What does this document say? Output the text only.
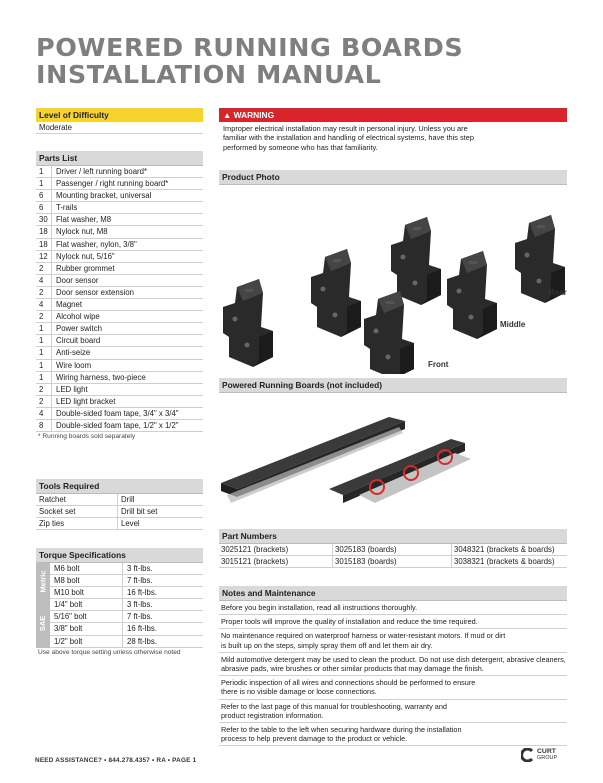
POWERED RUNNING BOARDS
INSTALLATION MANUAL
Level of Difficulty
Moderate
Parts List
1	Driver / left running board*
1	Passenger / right running board*
6	Mounting bracket, universal
6	T-rails
30	Flat washer, M8
18	Nylock nut, M8
18	Flat washer, nylon, 3/8"
12	Nylock nut, 5/16"
2	Rubber grommet
4	Door sensor
2	Door sensor extension
4	Magnet
2	Alcohol wipe
1	Power switch
1	Circuit board
1	Anti-seize
1	Wire loom
1	Wiring harness, two-piece
2	LED light
2	LED light bracket
4	Double-sided foam tape, 3/4" x 3/4"
8	Double-sided foam tape, 1/2" x 1/2"
* Running boards sold separately
Tools Required
Ratchet	Drill
Socket set	Drill bit set
Zip ties	Level
Torque Specifications
Metric
M6 bolt	3 ft-lbs.
M8 bolt	7 ft-lbs.
M10 bolt	16 ft-lbs.
SAE
1/4" bolt	3 ft-lbs.
5/16" bolt	7 ft-lbs.
3/8" bolt	16 ft-lbs.
1/2" bolt	28 ft-lbs.
Use above torque setting unless otherwise noted
▲ WARNING
Improper electrical installation may result in personal injury. Unless you are familiar with the installation and handling of electrical systems, have this step performed by someone who has that familiarity.
Product Photo
Rear
Middle
Front
Powered Running Boards (not included)
Part Numbers
3025121 (brackets)	3025183 (boards)	3048321 (brackets & boards)
3015121 (brackets)	3015183 (boards)	3038321 (brackets & boards)
Notes and Maintenance
Before you begin installation, read all instructions thoroughly.
Proper tools will improve the quality of installation and reduce the time required.
No maintenance required on waterproof harness or water-resistant motors. If mud or dirt is built up on the steps, simply spray them off and let them air dry.
Mild automotive detergent may be used to clean the product. Do not use dish detergent, abrasive cleaners, abrasive pads, wire brushes or other similar products that may damage the finish.
Periodic inspection of all wires and connections should be performed to ensure there is no visible damage or loose connections.
Refer to the last page of this manual for troubleshooting, warranty and product registration information.
Refer to the table to the left when securing hardware during the installation process to help prevent damage to the product or vehicle.
NEED ASSISTANCE? • 844.278.4357 • RA • PAGE 1
CURT
GROUP
